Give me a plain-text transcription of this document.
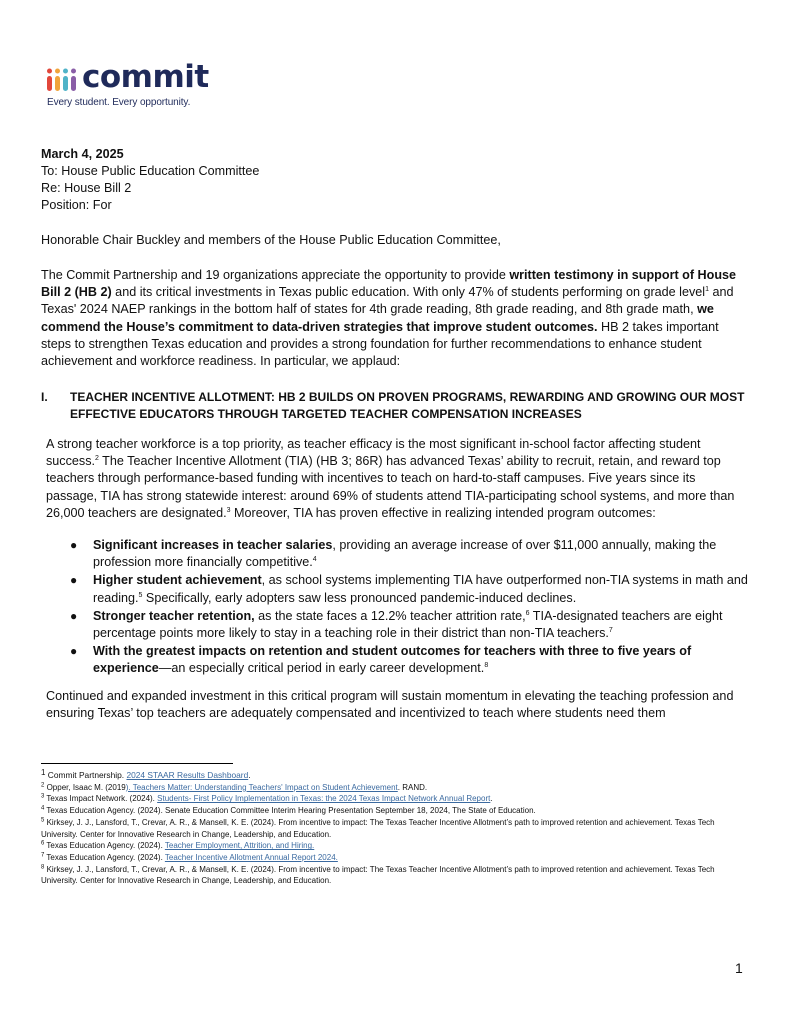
commit
Every student. Every opportunity.
March 4, 2025
To: House Public Education Committee
Re: House Bill 2
Position: For
Honorable Chair Buckley and members of the House Public Education Committee,
The Commit Partnership and 19 organizations appreciate the opportunity to provide written testimony in support of House Bill 2 (HB 2) and its critical investments in Texas public education. With only 47% of students performing on grade level$^1$ and Texas' 2024 NAEP rankings in the bottom half of states for 4th grade reading, 8th grade reading, and 8th grade math, we commend the House’s commitment to data-driven strategies that improve student outcomes. HB 2 takes important steps to strengthen Texas education and provides a strong foundation for further recommendations to enhance student achievement and workforce readiness. In particular, we applaud:
I. TEACHER INCENTIVE ALLOTMENT: HB 2 BUILDS ON PROVEN PROGRAMS, REWARDING AND GROWING OUR MOST EFFECTIVE EDUCATORS THROUGH TARGETED TEACHER COMPENSATION INCREASES
A strong teacher workforce is a top priority, as teacher efficacy is the most significant in-school factor affecting student success.$^2$ The Teacher Incentive Allotment (TIA) (HB 3; 86R) has advanced Texas’ ability to recruit, retain, and reward top teachers through performance-based funding with incentives to teach on hard-to-staff campuses. Five years since its passage, TIA has strong statewide interest: around 69% of students attend TIA-participating school systems, and more than 26,000 teachers are designated.$^3$ Moreover, TIA has proven effective in realizing intended program outcomes:
● Significant increases in teacher salaries, providing an average increase of over $11,000 annually, making the profession more financially competitive.$^4$
● Higher student achievement, as school systems implementing TIA have outperformed non-TIA systems in math and reading.$^5$ Specifically, early adopters saw less pronounced pandemic-induced declines.
● Stronger teacher retention, as the state faces a 12.2% teacher attrition rate,$^6$ TIA-designated teachers are eight percentage points more likely to stay in a teaching role in their district than non-TIA teachers.$^7$
● With the greatest impacts on retention and student outcomes for teachers with three to five years of experience—an especially critical period in early career development.$^8$
Continued and expanded investment in this critical program will sustain momentum in elevating the teaching profession and ensuring Texas’ top teachers are adequately compensated and incentivized to teach where students need them
$^1$ Commit Partnership. 2024 STAAR Results Dashboard.
$^2$ Opper, Isaac M. (2019). Teachers Matter: Understanding Teachers' Impact on Student Achievement. RAND.
$^3$ Texas Impact Network. (2024). Students- First Policy Implementation in Texas: the 2024 Texas Impact Network Annual Report.
$^4$ Texas Education Agency. (2024). Senate Education Committee Interim Hearing Presentation September 18, 2024, The State of Education.
$^5$ Kirksey, J. J., Lansford, T., Crevar, A. R., & Mansell, K. E. (2024). From incentive to impact: The Texas Teacher Incentive Allotment’s path to improved retention and achievement. Texas Tech University. Center for Innovative Research in Change, Leadership, and Education.
$^6$ Texas Education Agency. (2024). Teacher Employment, Attrition, and Hiring.
$^7$ Texas Education Agency. (2024). Teacher Incentive Allotment Annual Report 2024.
$^8$ Kirksey, J. J., Lansford, T., Crevar, A. R., & Mansell, K. E. (2024). From incentive to impact: The Texas Teacher Incentive Allotment’s path to improved retention and achievement. Texas Tech University. Center for Innovative Research in Change, Leadership, and Education.
1
